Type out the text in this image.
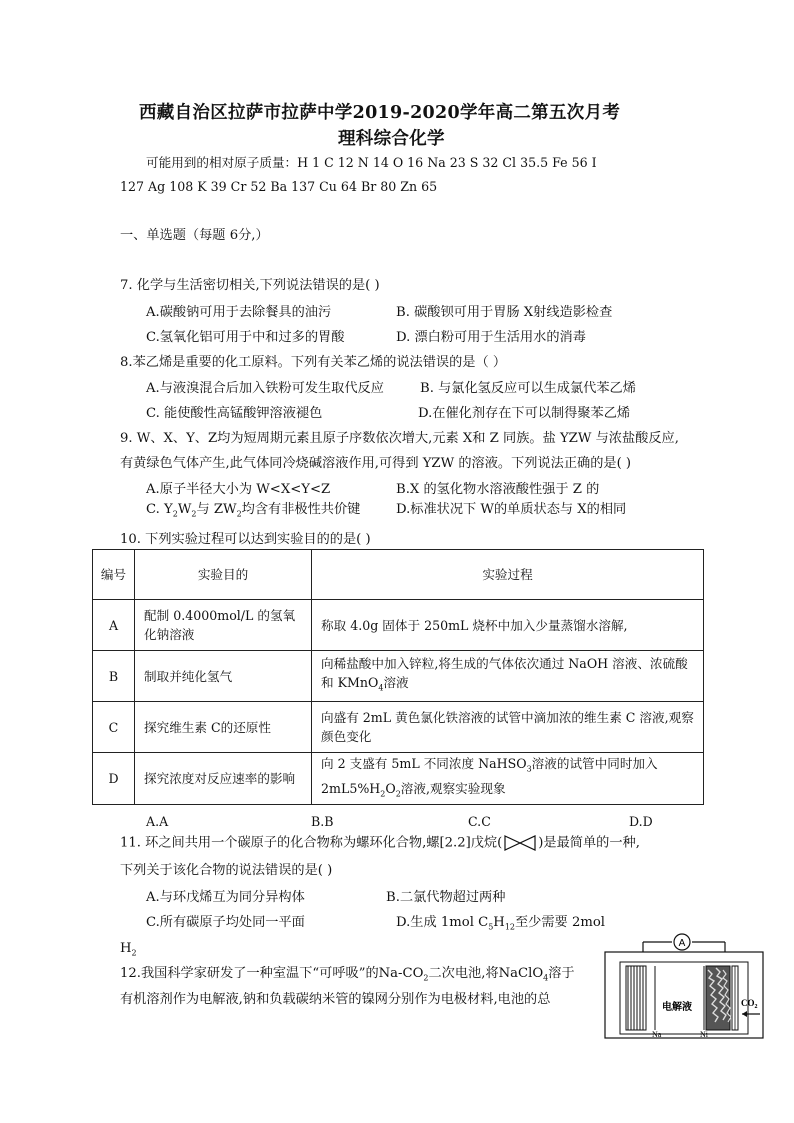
西藏自治区拉萨市拉萨中学2019-2020学年高二第五次月考
理科综合化学
可能用到的相对原子质量：H 1 C 12 N 14 O 16 Na 23 S 32 Cl 35.5 Fe 56 I
127 Ag 108 K 39 Cr 52 Ba 137 Cu 64 Br 80 Zn 65
一、单选题（每题 6分,）
7. 化学与生活密切相关,下列说法错误的是( )
A.碳酸钠可用于去除餐具的油污	B. 碳酸钡可用于胃肠 X射线造影检查
C.氢氧化铝可用于中和过多的胃酸	D. 漂白粉可用于生活用水的消毒
8.苯乙烯是重要的化工原料。下列有关苯乙烯的说法错误的是（ ）
A.与液溴混合后加入铁粉可发生取代反应	B. 与氯化氢反应可以生成氯代苯乙烯
C. 能使酸性高锰酸钾溶液褪色	D.在催化剂存在下可以制得聚苯乙烯
9. W、X、Y、Z均为短周期元素且原子序数依次增大,元素 X和 Z 同族。盐 YZW 与浓盐酸反应,
有黄绿色气体产生,此气体同冷烧碱溶液作用,可得到 YZW 的溶液。下列说法正确的是( )
A.原子半径大小为 W<X<Y<Z	B.X 的氢化物水溶液酸性强于 Z 的
C. $Y_2W_2$与 $ZW_2$均含有非极性共价键	D.标准状况下 W的单质状态与 X的相同
10. 下列实验过程可以达到实验目的的是( )
编号	实验目的	实验过程
A	配制 0.4000mol/L 的氢氧化钠溶液	称取 4.0g 固体于 250mL 烧杯中加入少量蒸馏水溶解,
B	制取并纯化氢气	向稀盐酸中加入锌粒,将生成的气体依次通过 NaOH 溶液、浓硫酸和 KMnO$_4$溶液
C	探究维生素 C的还原性	向盛有 2mL 黄色氯化铁溶液的试管中滴加浓的维生素 C 溶液,观察颜色变化
D	探究浓度对反应速率的影响	向 2 支盛有 5mL 不同浓度 NaHSO$_3$溶液的试管中同时加入 $2mL5\%H_2O_2$溶液,观察实验现象
A.A	B.B	C.C	D.D
11. 环之间共用一个碳原子的化合物称为螺环化合物,螺[2.2]戊烷(	)是最简单的一种,
下列关于该化合物的说法错误的是( )
A.与环戊烯互为同分异构体	B.二氯代物超过两种
C.所有碳原子均处同一平面	D.生成 1mol $C_5H_{12}$至少需要 2mol
$H_2$
12.我国科学家研发了一种室温下“可呼吸”的$Na-CO_2$二次电池,将NaClO$_4$溶于
有机溶剂作为电解液,钠和负载碳纳米管的镍网分别作为电极材料,电池的总
A
电解液
Na	Ni
$CO_2$
